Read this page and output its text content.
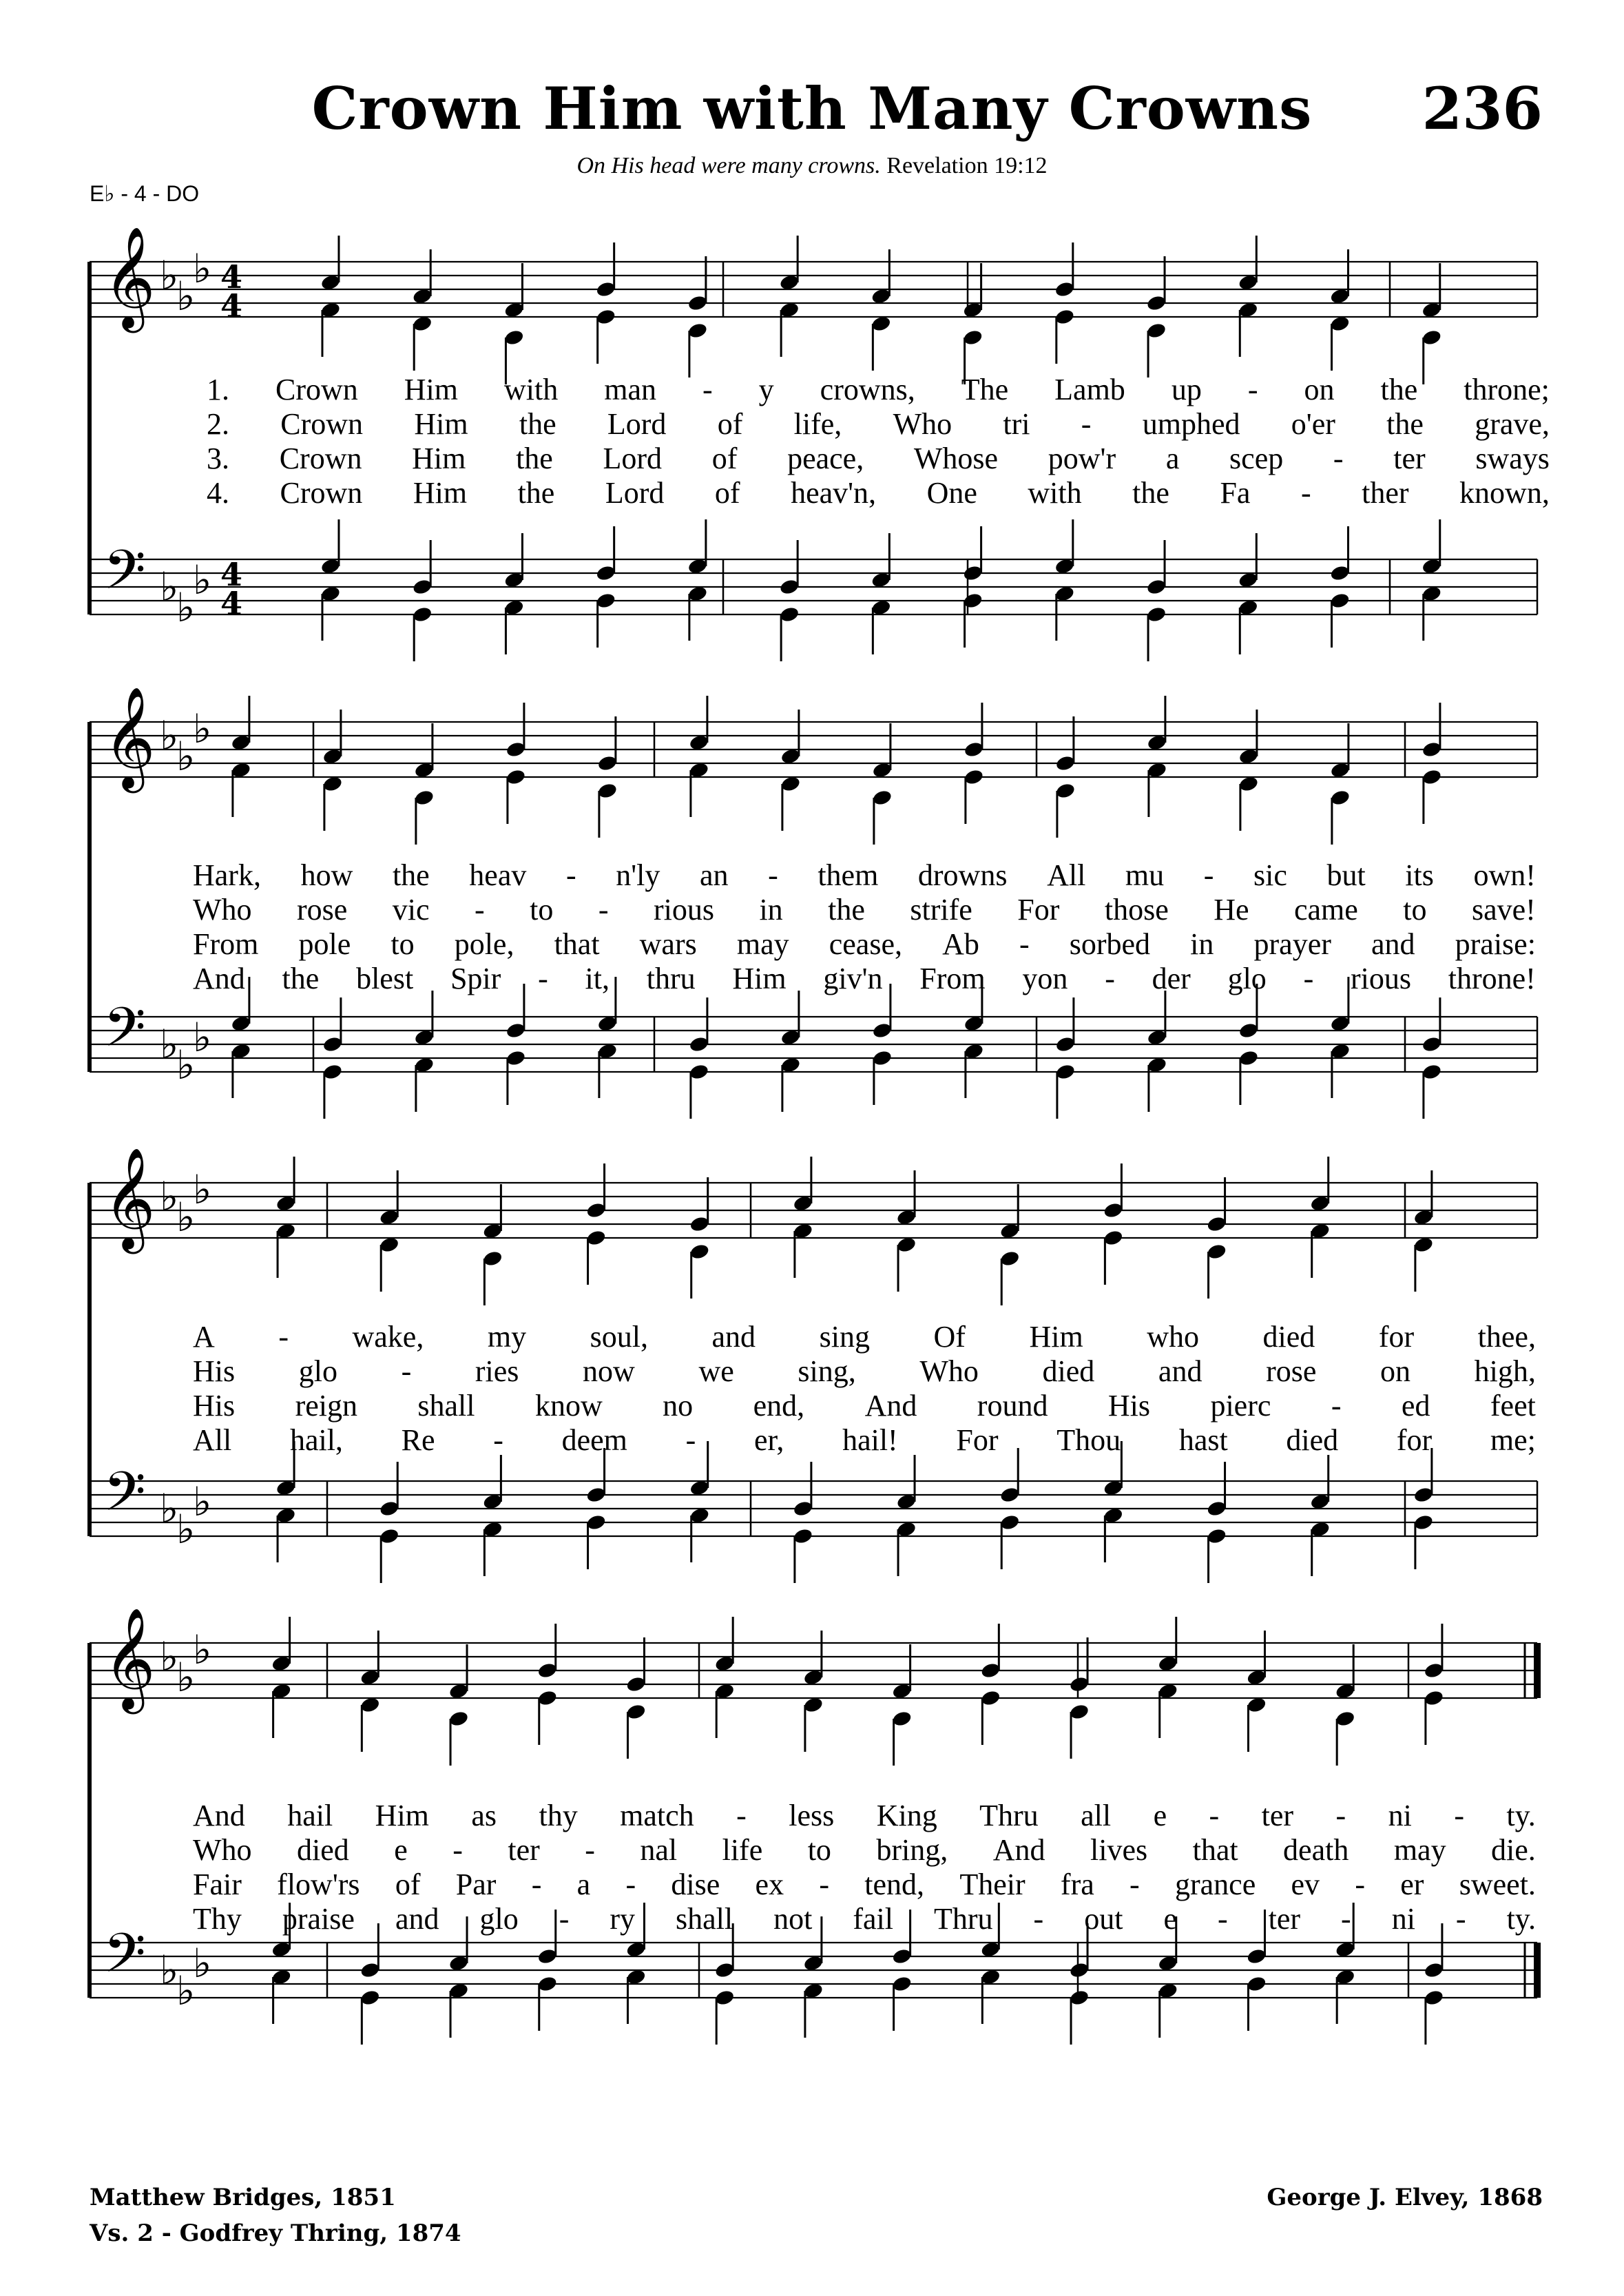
Crown Him with Many Crowns	236
On His head were many crowns. Revelation 19:12
E♭ - 4 - DO
𝄞
𝄢
♭
♭
♭
♭
♭
♭
4
4
4
4
𝄞
𝄢
♭
♭
♭
♭
♭
♭
𝄞
𝄢
♭
♭
♭
♭
♭
♭
𝄞
𝄢
♭
♭
♭
♭
♭
♭
1. Crown Him with man - y crowns, The Lamb up - on the throne;
2. Crown Him the Lord of life, Who tri - umphed o'er the grave,
3. Crown Him the Lord of peace, Whose pow'r a scep - ter sways
4. Crown Him the Lord of heav'n, One with the Fa - ther known,
Hark, how the heav - n'ly an - them drowns All mu - sic but its own!
Who rose vic - to - rious in the strife For those He came to save!
From pole to pole, that wars may cease, Ab - sorbed in prayer and praise:
And the blest Spir - it, thru Him giv'n From yon - der glo - rious throne!
A - wake, my soul, and sing Of Him who died for thee,
His glo - ries now we sing, Who died and rose on high,
His reign shall know no end, And round His pierc - ed feet
All hail, Re - deem - er, hail! For Thou hast died for me;
And hail Him as thy match - less King Thru all e - ter - ni - ty.
Who died e - ter - nal life to bring, And lives that death may die.
Fair flow'rs of Par - a - dise ex - tend, Their fra - grance ev - er sweet.
Thy praise and glo - ry shall not fail Thru - out e - ter - ni - ty.
Matthew Bridges, 1851
Vs. 2 - Godfrey Thring, 1874
George J. Elvey, 1868
